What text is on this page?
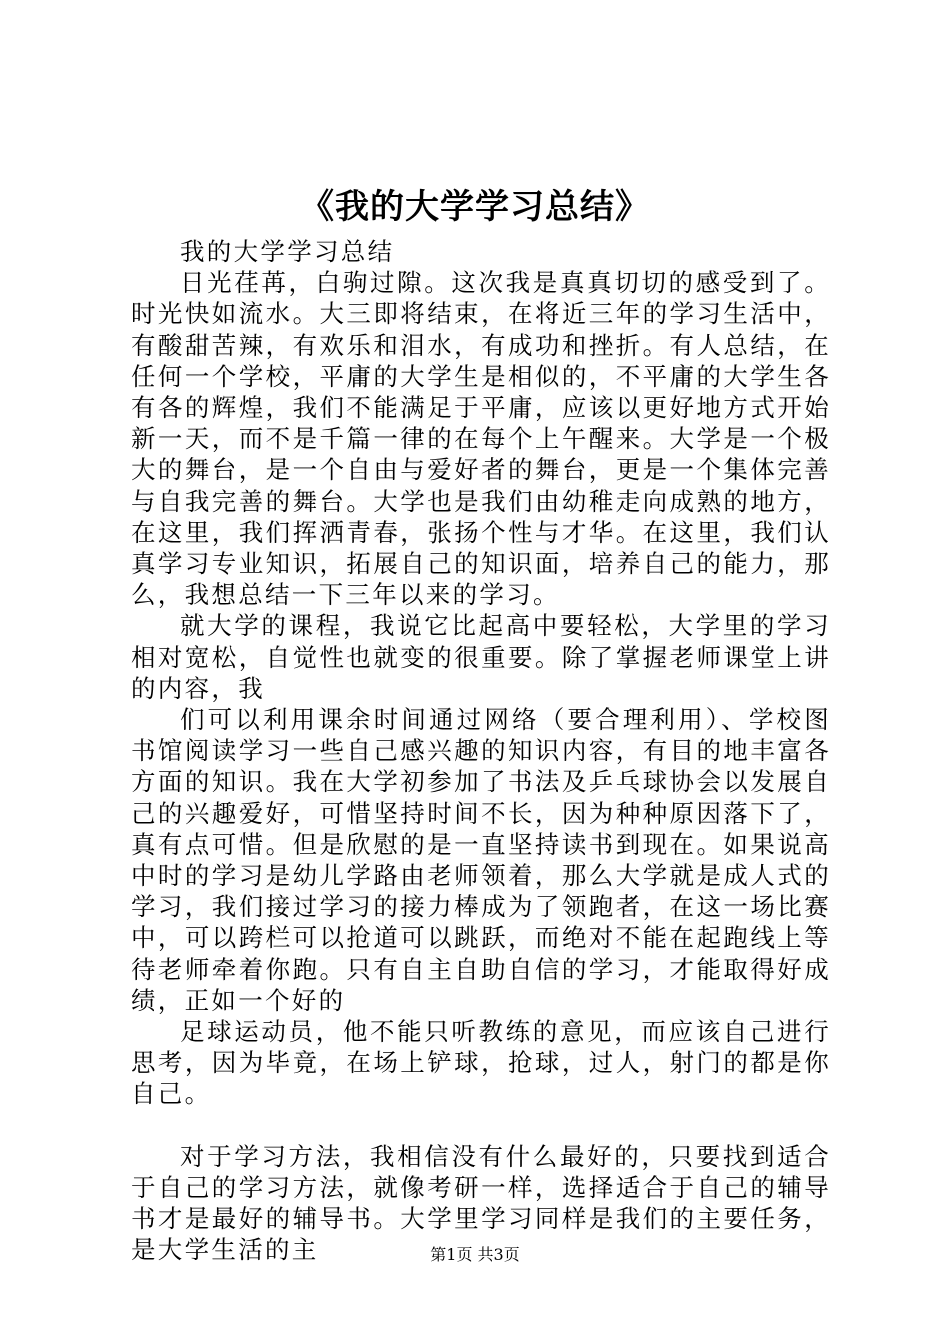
《我的大学学习总结》

我的大学学习总结

日光荏苒，白驹过隙。这次我是真真切切的感受到了。时光快如流水。大三即将结束，在将近三年的学习生活中，有酸甜苦辣，有欢乐和泪水，有成功和挫折。有人总结，在任何一个学校，平庸的大学生是相似的，不平庸的大学生各有各的辉煌，我们不能满足于平庸，应该以更好地方式开始新一天，而不是千篇一律的在每个上午醒来。大学是一个极大的舞台，是一个自由与爱好者的舞台，更是一个集体完善与自我完善的舞台。大学也是我们由幼稚走向成熟的地方，在这里，我们挥洒青春，张扬个性与才华。在这里，我们认真学习专业知识，拓展自己的知识面，培养自己的能力，那么，我想总结一下三年以来的学习。

就大学的课程，我说它比起高中要轻松，大学里的学习相对宽松，自觉性也就变的很重要。除了掌握老师课堂上讲的内容，我

们可以利用课余时间通过网络（要合理利用）、学校图书馆阅读学习一些自己感兴趣的知识内容，有目的地丰富各方面的知识。我在大学初参加了书法及乒乓球协会以发展自己的兴趣爱好，可惜坚持时间不长，因为种种原因落下了，真有点可惜。但是欣慰的是一直坚持读书到现在。如果说高中时的学习是幼儿学路由老师领着，那么大学就是成人式的学习，我们接过学习的接力棒成为了领跑者，在这一场比赛中，可以跨栏可以抢道可以跳跃，而绝对不能在起跑线上等待老师牵着你跑。只有自主自助自信的学习，才能取得好成绩，正如一个好的

足球运动员，他不能只听教练的意见，而应该自己进行思考，因为毕竟，在场上铲球，抢球，过人，射门的都是你自己。

对于学习方法，我相信没有什么最好的，只要找到适合于自己的学习方法，就像考研一样，选择适合于自己的辅导书才是最好的辅导书。大学里学习同样是我们的主要任务，是大学生活的主	第1页 共3页
